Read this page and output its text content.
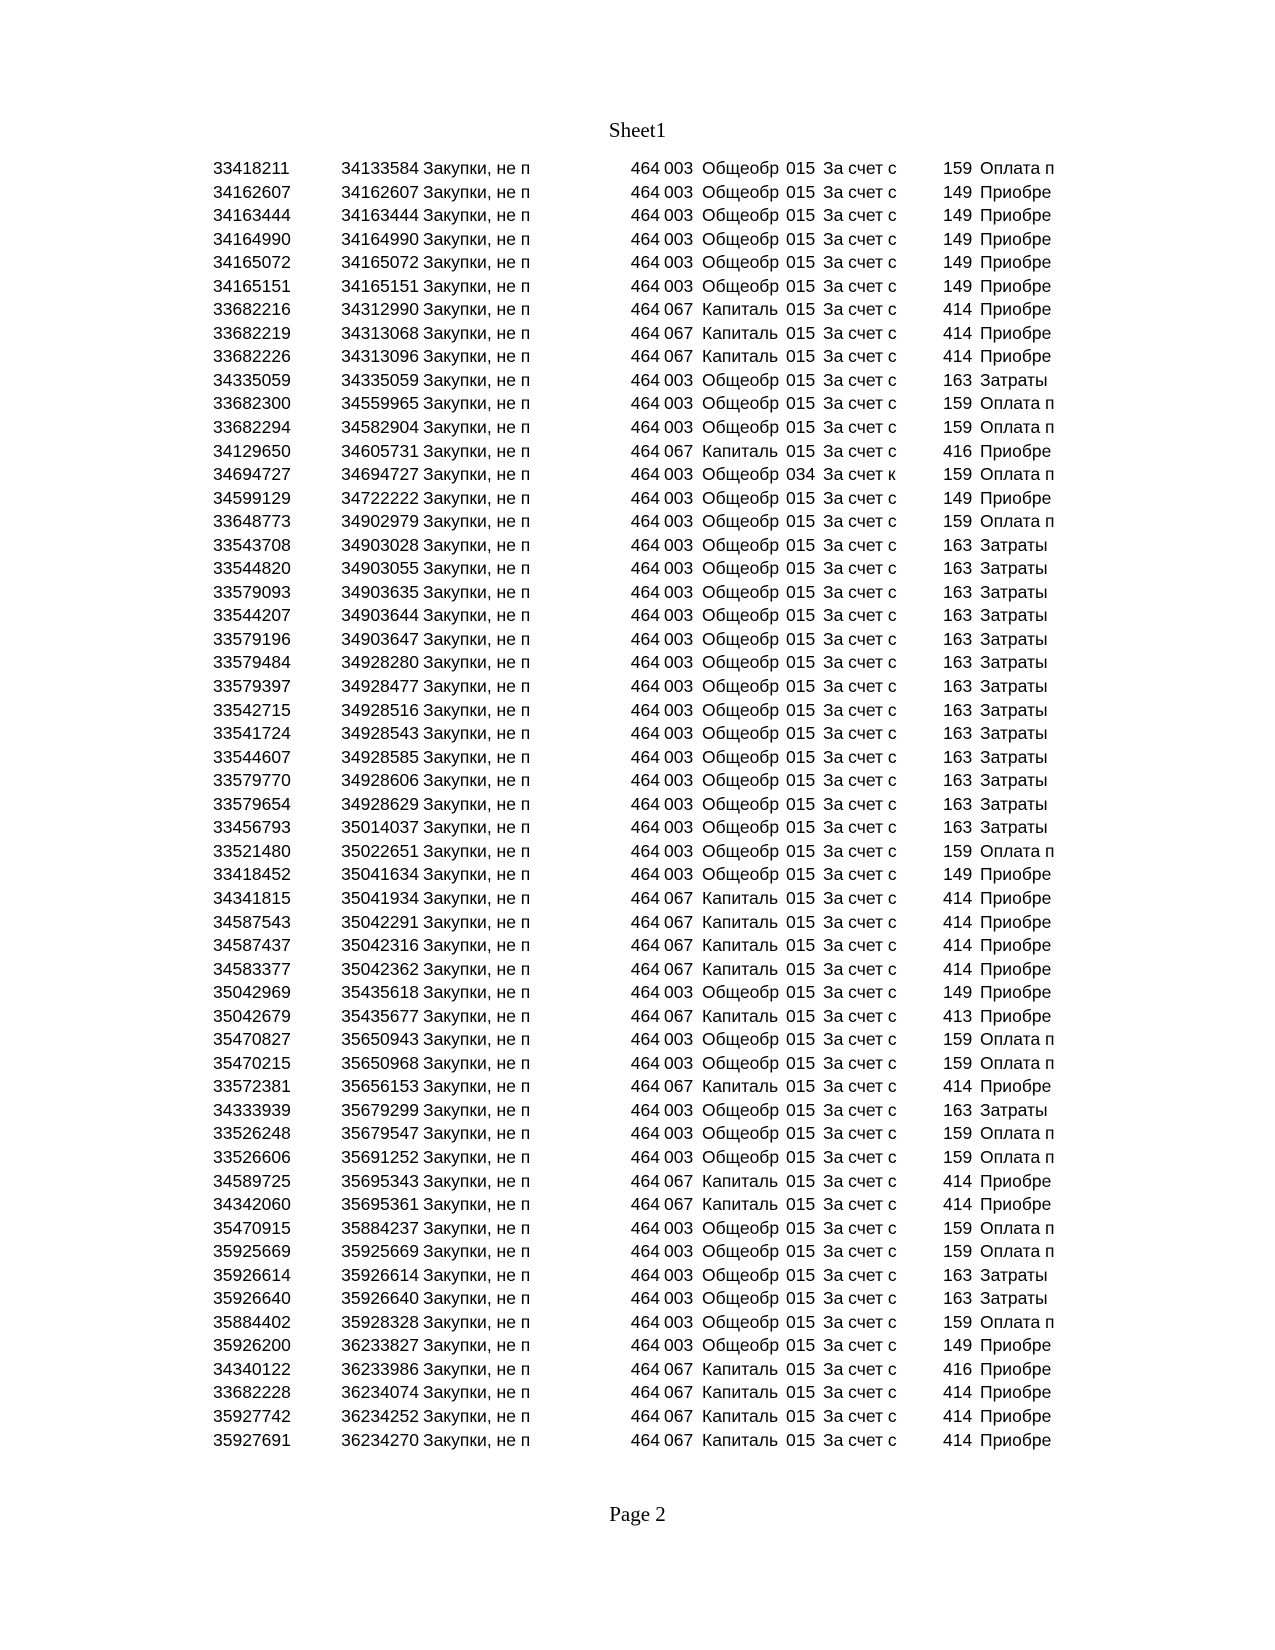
Sheet1
33418211	34133584 Закупки, не п	464 003 Общеобр 015 За счет с	159 Оплата п
34162607	34162607 Закупки, не п	464 003 Общеобр 015 За счет с	149 Приобре
34163444	34163444 Закупки, не п	464 003 Общеобр 015 За счет с	149 Приобре
34164990	34164990 Закупки, не п	464 003 Общеобр 015 За счет с	149 Приобре
34165072	34165072 Закупки, не п	464 003 Общеобр 015 За счет с	149 Приобре
34165151	34165151 Закупки, не п	464 003 Общеобр 015 За счет с	149 Приобре
33682216	34312990 Закупки, не п	464 067 Капиталь 015 За счет с	414 Приобре
33682219	34313068 Закупки, не п	464 067 Капиталь 015 За счет с	414 Приобре
33682226	34313096 Закупки, не п	464 067 Капиталь 015 За счет с	414 Приобре
34335059	34335059 Закупки, не п	464 003 Общеобр 015 За счет с	163 Затраты
33682300	34559965 Закупки, не п	464 003 Общеобр 015 За счет с	159 Оплата п
33682294	34582904 Закупки, не п	464 003 Общеобр 015 За счет с	159 Оплата п
34129650	34605731 Закупки, не п	464 067 Капиталь 015 За счет с	416 Приобре
34694727	34694727 Закупки, не п	464 003 Общеобр 034 За счет к	159 Оплата п
34599129	34722222 Закупки, не п	464 003 Общеобр 015 За счет с	149 Приобре
33648773	34902979 Закупки, не п	464 003 Общеобр 015 За счет с	159 Оплата п
33543708	34903028 Закупки, не п	464 003 Общеобр 015 За счет с	163 Затраты
33544820	34903055 Закупки, не п	464 003 Общеобр 015 За счет с	163 Затраты
33579093	34903635 Закупки, не п	464 003 Общеобр 015 За счет с	163 Затраты
33544207	34903644 Закупки, не п	464 003 Общеобр 015 За счет с	163 Затраты
33579196	34903647 Закупки, не п	464 003 Общеобр 015 За счет с	163 Затраты
33579484	34928280 Закупки, не п	464 003 Общеобр 015 За счет с	163 Затраты
33579397	34928477 Закупки, не п	464 003 Общеобр 015 За счет с	163 Затраты
33542715	34928516 Закупки, не п	464 003 Общеобр 015 За счет с	163 Затраты
33541724	34928543 Закупки, не п	464 003 Общеобр 015 За счет с	163 Затраты
33544607	34928585 Закупки, не п	464 003 Общеобр 015 За счет с	163 Затраты
33579770	34928606 Закупки, не п	464 003 Общеобр 015 За счет с	163 Затраты
33579654	34928629 Закупки, не п	464 003 Общеобр 015 За счет с	163 Затраты
33456793	35014037 Закупки, не п	464 003 Общеобр 015 За счет с	163 Затраты
33521480	35022651 Закупки, не п	464 003 Общеобр 015 За счет с	159 Оплата п
33418452	35041634 Закупки, не п	464 003 Общеобр 015 За счет с	149 Приобре
34341815	35041934 Закупки, не п	464 067 Капиталь 015 За счет с	414 Приобре
34587543	35042291 Закупки, не п	464 067 Капиталь 015 За счет с	414 Приобре
34587437	35042316 Закупки, не п	464 067 Капиталь 015 За счет с	414 Приобре
34583377	35042362 Закупки, не п	464 067 Капиталь 015 За счет с	414 Приобре
35042969	35435618 Закупки, не п	464 003 Общеобр 015 За счет с	149 Приобре
35042679	35435677 Закупки, не п	464 067 Капиталь 015 За счет с	413 Приобре
35470827	35650943 Закупки, не п	464 003 Общеобр 015 За счет с	159 Оплата п
35470215	35650968 Закупки, не п	464 003 Общеобр 015 За счет с	159 Оплата п
33572381	35656153 Закупки, не п	464 067 Капиталь 015 За счет с	414 Приобре
34333939	35679299 Закупки, не п	464 003 Общеобр 015 За счет с	163 Затраты
33526248	35679547 Закупки, не п	464 003 Общеобр 015 За счет с	159 Оплата п
33526606	35691252 Закупки, не п	464 003 Общеобр 015 За счет с	159 Оплата п
34589725	35695343 Закупки, не п	464 067 Капиталь 015 За счет с	414 Приобре
34342060	35695361 Закупки, не п	464 067 Капиталь 015 За счет с	414 Приобре
35470915	35884237 Закупки, не п	464 003 Общеобр 015 За счет с	159 Оплата п
35925669	35925669 Закупки, не п	464 003 Общеобр 015 За счет с	159 Оплата п
35926614	35926614 Закупки, не п	464 003 Общеобр 015 За счет с	163 Затраты
35926640	35926640 Закупки, не п	464 003 Общеобр 015 За счет с	163 Затраты
35884402	35928328 Закупки, не п	464 003 Общеобр 015 За счет с	159 Оплата п
35926200	36233827 Закупки, не п	464 003 Общеобр 015 За счет с	149 Приобре
34340122	36233986 Закупки, не п	464 067 Капиталь 015 За счет с	416 Приобре
33682228	36234074 Закупки, не п	464 067 Капиталь 015 За счет с	414 Приобре
35927742	36234252 Закупки, не п	464 067 Капиталь 015 За счет с	414 Приобре
35927691	36234270 Закупки, не п	464 067 Капиталь 015 За счет с	414 Приобре
Page 2
